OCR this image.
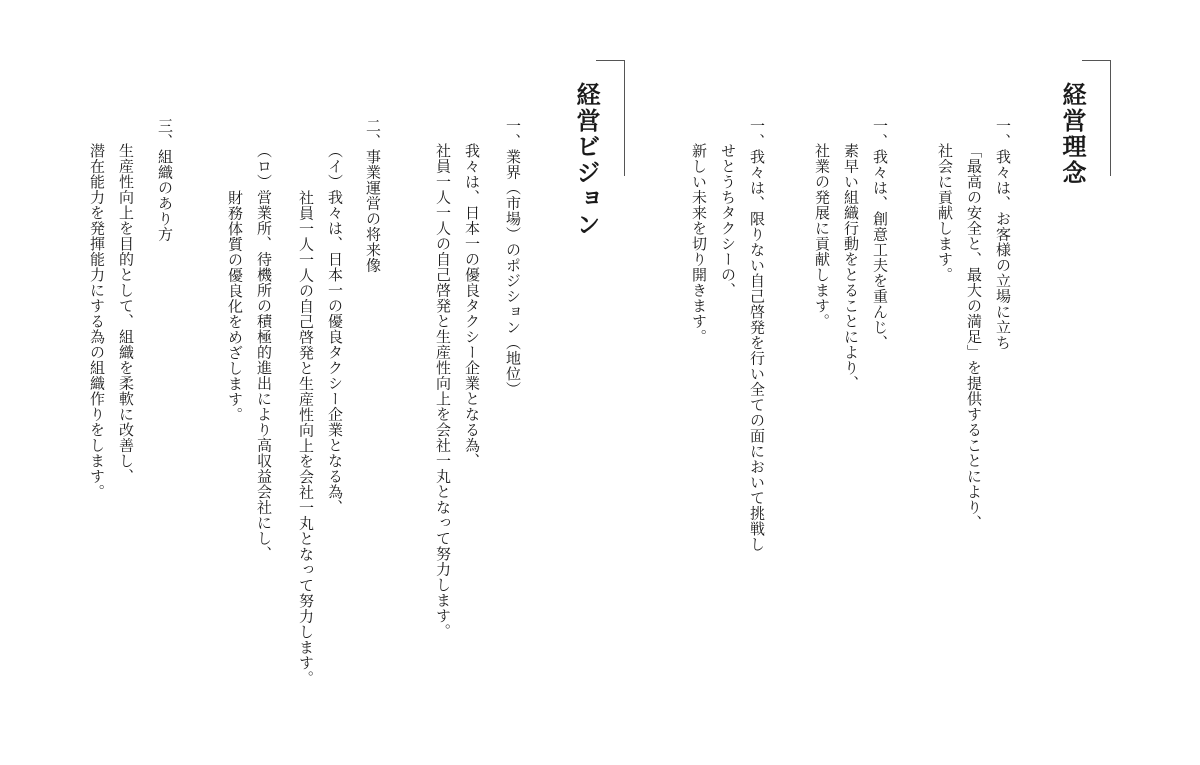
経営理念
一、我々は、お客様の立場に立ち
「最高の安全と、最大の満足」を提供することにより、
社会に貢献します。
一、我々は、創意工夫を重んじ、
素早い組織行動をとることにより、
社業の発展に貢献します。
一、我々は、限りない自己啓発を行い全ての面において挑戦し
せとうちタクシーの、
新しい未来を切り開きます。
経営ビジョン
一、業界（市場）のポジション（地位）
我々は、日本一の優良タクシー企業となる為、
社員一人一人の自己啓発と生産性向上を会社一丸となって努力します。
二、事業運営の将来像
（イ）我々は、日本一の優良タクシー企業となる為、
社員一人一人の自己啓発と生産性向上を会社一丸となって努力します。
（ロ）営業所、待機所の積極的進出により高収益会社にし、
財務体質の優良化をめざします。
三、組織のあり方
生産性向上を目的として、組織を柔軟に改善し、
潜在能力を発揮能力にする為の組織作りをします。
